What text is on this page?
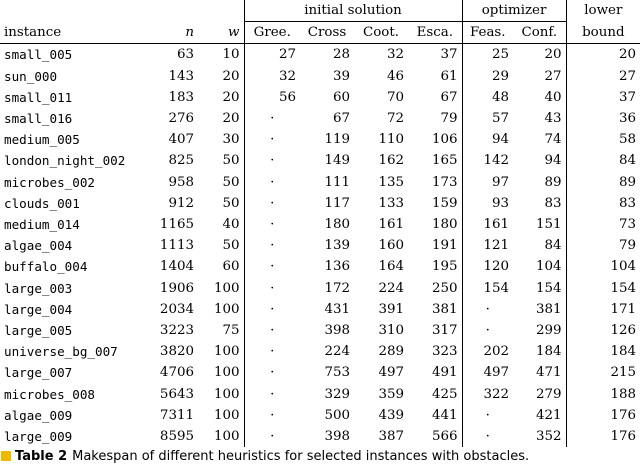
			initial solution				optimizer		lower
instance	n	w	Gree.	Cross	Coot.	Esca.	Feas.	Conf.	bound
small_005	63	10	27	28	32	37	25	20	20
sun_000	143	20	32	39	46	61	29	27	27
small_011	183	20	56	60	70	67	48	40	37
small_016	276	20	·	67	72	79	57	43	36
medium_005	407	30	·	119	110	106	94	74	58
london_night_002	825	50	·	149	162	165	142	94	84
microbes_002	958	50	·	111	135	173	97	89	89
clouds_001	912	50	·	117	133	159	93	83	83
medium_014	1165	40	·	180	161	180	161	151	73
algae_004	1113	50	·	139	160	191	121	84	79
buffalo_004	1404	60	·	136	164	195	120	104	104
large_003	1906	100	·	172	224	250	154	154	154
large_004	2034	100	·	431	391	381	·	381	171
large_005	3223	75	·	398	310	317	·	299	126
universe_bg_007	3820	100	·	224	289	323	202	184	184
large_007	4706	100	·	753	497	491	497	471	215
microbes_008	5643	100	·	329	359	425	322	279	188
algae_009	7311	100	·	500	439	441	·	421	176
large_009	8595	100	·	398	387	566	·	352	176
Table 2 Makespan of different heuristics for selected instances with obstacles.
